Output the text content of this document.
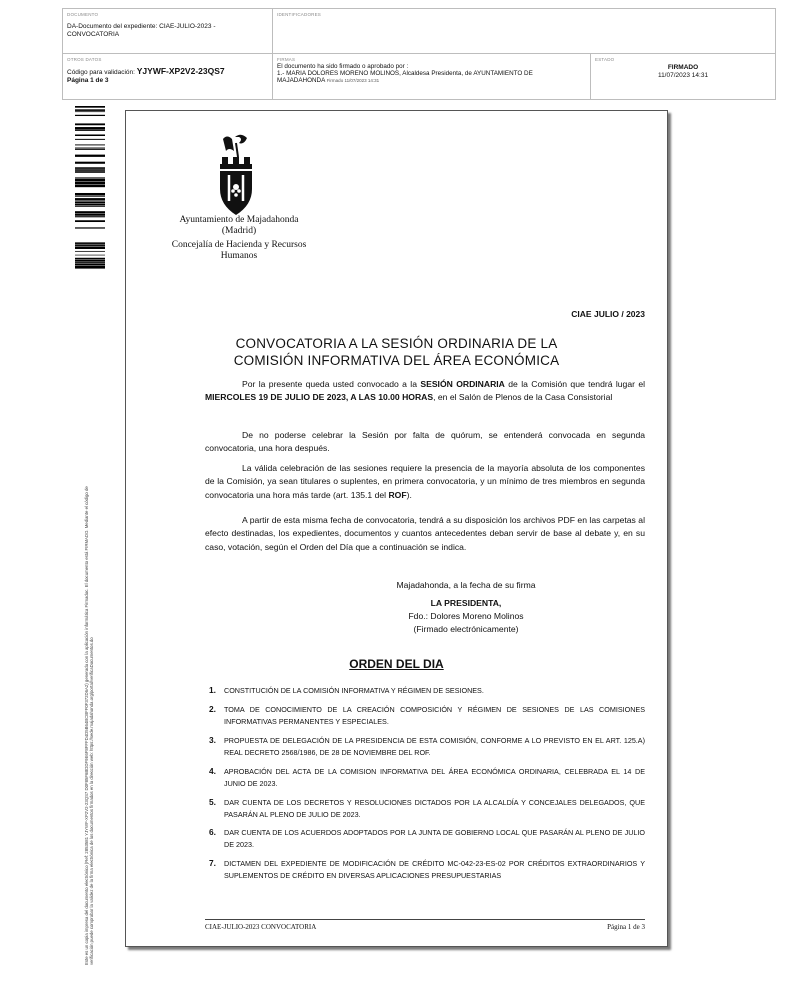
DOCUMENTO
DA-Documento del expediente: CIAE-JULIO-2023 -CONVOCATORIA
IDENTIFICADORES
OTROS DATOS
Código para validación: YJYWF-XP2V2-23QS7
Página 1 de 3
FIRMAS
El documento ha sido firmado o aprobado por :
1.- MARIA DOLORES MORENO MOLINOS, Alcaldesa Presidenta, de AYUNTAMIENTO DE
MAJADAHONDA Firmado 11/07/2023 14:31
ESTADO
FIRMADO
11/07/2023 14:31
Este es un copia impresa del documento electrónico (Ref: 2853581 YJYWF-XP2V2-23QS7 D0F85F6BDDF9E6F8FFFD4D5B64BCBFF0F372D6A2) generada con la aplicación informática Firmadoc. El documento está FIRMADO. Mediante el código de verificación puede comprobar la validez de la firma electrónica de los documentos firmados en la dirección web: https://sede.majadahonda.org/portal/verificaDocumentos.do
Ayuntamiento de Majadahonda
(Madrid)
Concejalía de Hacienda y Recursos
Humanos
CIAE JULIO / 2023
CONVOCATORIA A LA SESIÓN ORDINARIA DE LA
COMISIÓN INFORMATIVA DEL ÁREA ECONÓMICA
Por la presente queda usted convocado a la SESIÓN ORDINARIA de la Comisión que tendrá lugar el MIERCOLES 19 DE JULIO DE 2023, A LAS 10.00 HORAS, en el Salón de Plenos de la Casa Consistorial
De no poderse celebrar la Sesión por falta de quórum, se entenderá convocada en segunda convocatoria, una hora después.
La válida celebración de las sesiones requiere la presencia de la mayoría absoluta de los componentes de la Comisión, ya sean titulares o suplentes, en primera convocatoria, y un mínimo de tres miembros en segunda convocatoria una hora más tarde (art. 135.1 del ROF).
A partir de esta misma fecha de convocatoria, tendrá a su disposición los archivos PDF en las carpetas al efecto destinadas, los expedientes, documentos y cuantos antecedentes deban servir de base al debate y, en su caso, votación, según el Orden del Día que a continuación se indica.
Majadahonda, a la fecha de su firma
LA PRESIDENTA,
Fdo.: Dolores Moreno Molinos
(Firmado electrónicamente)
ORDEN DEL DIA
1. CONSTITUCIÓN DE LA COMISIÓN INFORMATIVA Y RÉGIMEN DE SESIONES.
2. TOMA DE CONOCIMIENTO DE LA CREACIÓN COMPOSICIÓN Y RÉGIMEN DE SESIONES DE LAS COMISIONES INFORMATIVAS PERMANENTES Y ESPECIALES.
3. PROPUESTA DE DELEGACIÓN DE LA PRESIDENCIA DE ESTA COMISIÓN, CONFORME A LO PREVISTO EN EL ART. 125.A) REAL DECRETO 2568/1986, DE 28 DE NOVIEMBRE DEL ROF.
4. APROBACIÓN DEL ACTA DE LA COMISION INFORMATIVA DEL ÁREA ECONÓMICA ORDINARIA, CELEBRADA EL 14 DE JUNIO DE 2023.
5. DAR CUENTA DE LOS DECRETOS Y RESOLUCIONES DICTADOS POR LA ALCALDÍA Y CONCEJALES DELEGADOS, QUE PASARÁN AL PLENO DE JULIO DE 2023.
6. DAR CUENTA DE LOS ACUERDOS ADOPTADOS POR LA JUNTA DE GOBIERNO LOCAL QUE PASARÁN AL PLENO DE JULIO DE 2023.
7. DICTAMEN DEL EXPEDIENTE DE MODIFICACIÓN DE CRÉDITO MC-042-23-ES-02 POR CRÉDITOS EXTRAORDINARIOS Y SUPLEMENTOS DE CRÉDITO EN DIVERSAS APLICACIONES PRESUPUESTARIAS
CIAE-JULIO-2023 CONVOCATORIA	Página 1 de 3
